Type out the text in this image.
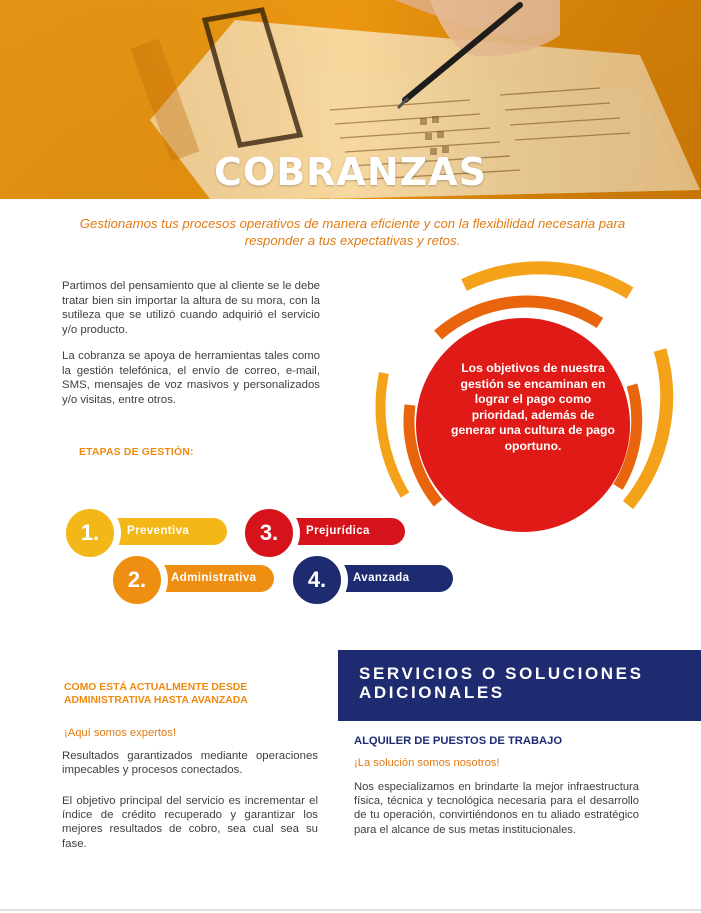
COBRANZAS
Gestionamos tus procesos operativos de manera eficiente y con la flexibilidad necesaria para responder a tus expectativas y retos.
Partimos del pensamiento que al cliente se le debe tratar bien sin importar la altura de su mora, con la sutileza que se utilizó cuando adquirió el servicio y/o producto.
La cobranza se apoya de herramientas tales como la gestión telefónica, el envío de correo, e-mail, SMS, mensajes de voz masivos y personalizados y/o visitas, entre otros.
ETAPAS DE GESTIÓN:
1.	Preventiva
2.	Administrativa
3.	Prejurídica
4.	Avanzada
Los objetivos de nuestra gestión se encaminan en lograr el pago como prioridad, además de generar una cultura de pago oportuno.
COMO ESTÁ ACTUALMENTE DESDE ADMINISTRATIVA HASTA AVANZADA
¡Aquí somos expertos!
Resultados garantizados mediante operaciones impecables y procesos conectados.
El objetivo principal del servicio es incrementar el índice de crédito recuperado y garantizar los mejores resultados de cobro, sea cual sea su fase.
SERVICIOS O SOLUCIONES ADICIONALES
ALQUILER DE PUESTOS DE TRABAJO
¡La solución somos nosotros!
Nos especializamos en brindarte la mejor infraestructura física, técnica y tecnológica necesaria para el desarrollo de tu operación, convirtiéndonos en tu aliado estratégico para el alcance de sus metas institucionales.
